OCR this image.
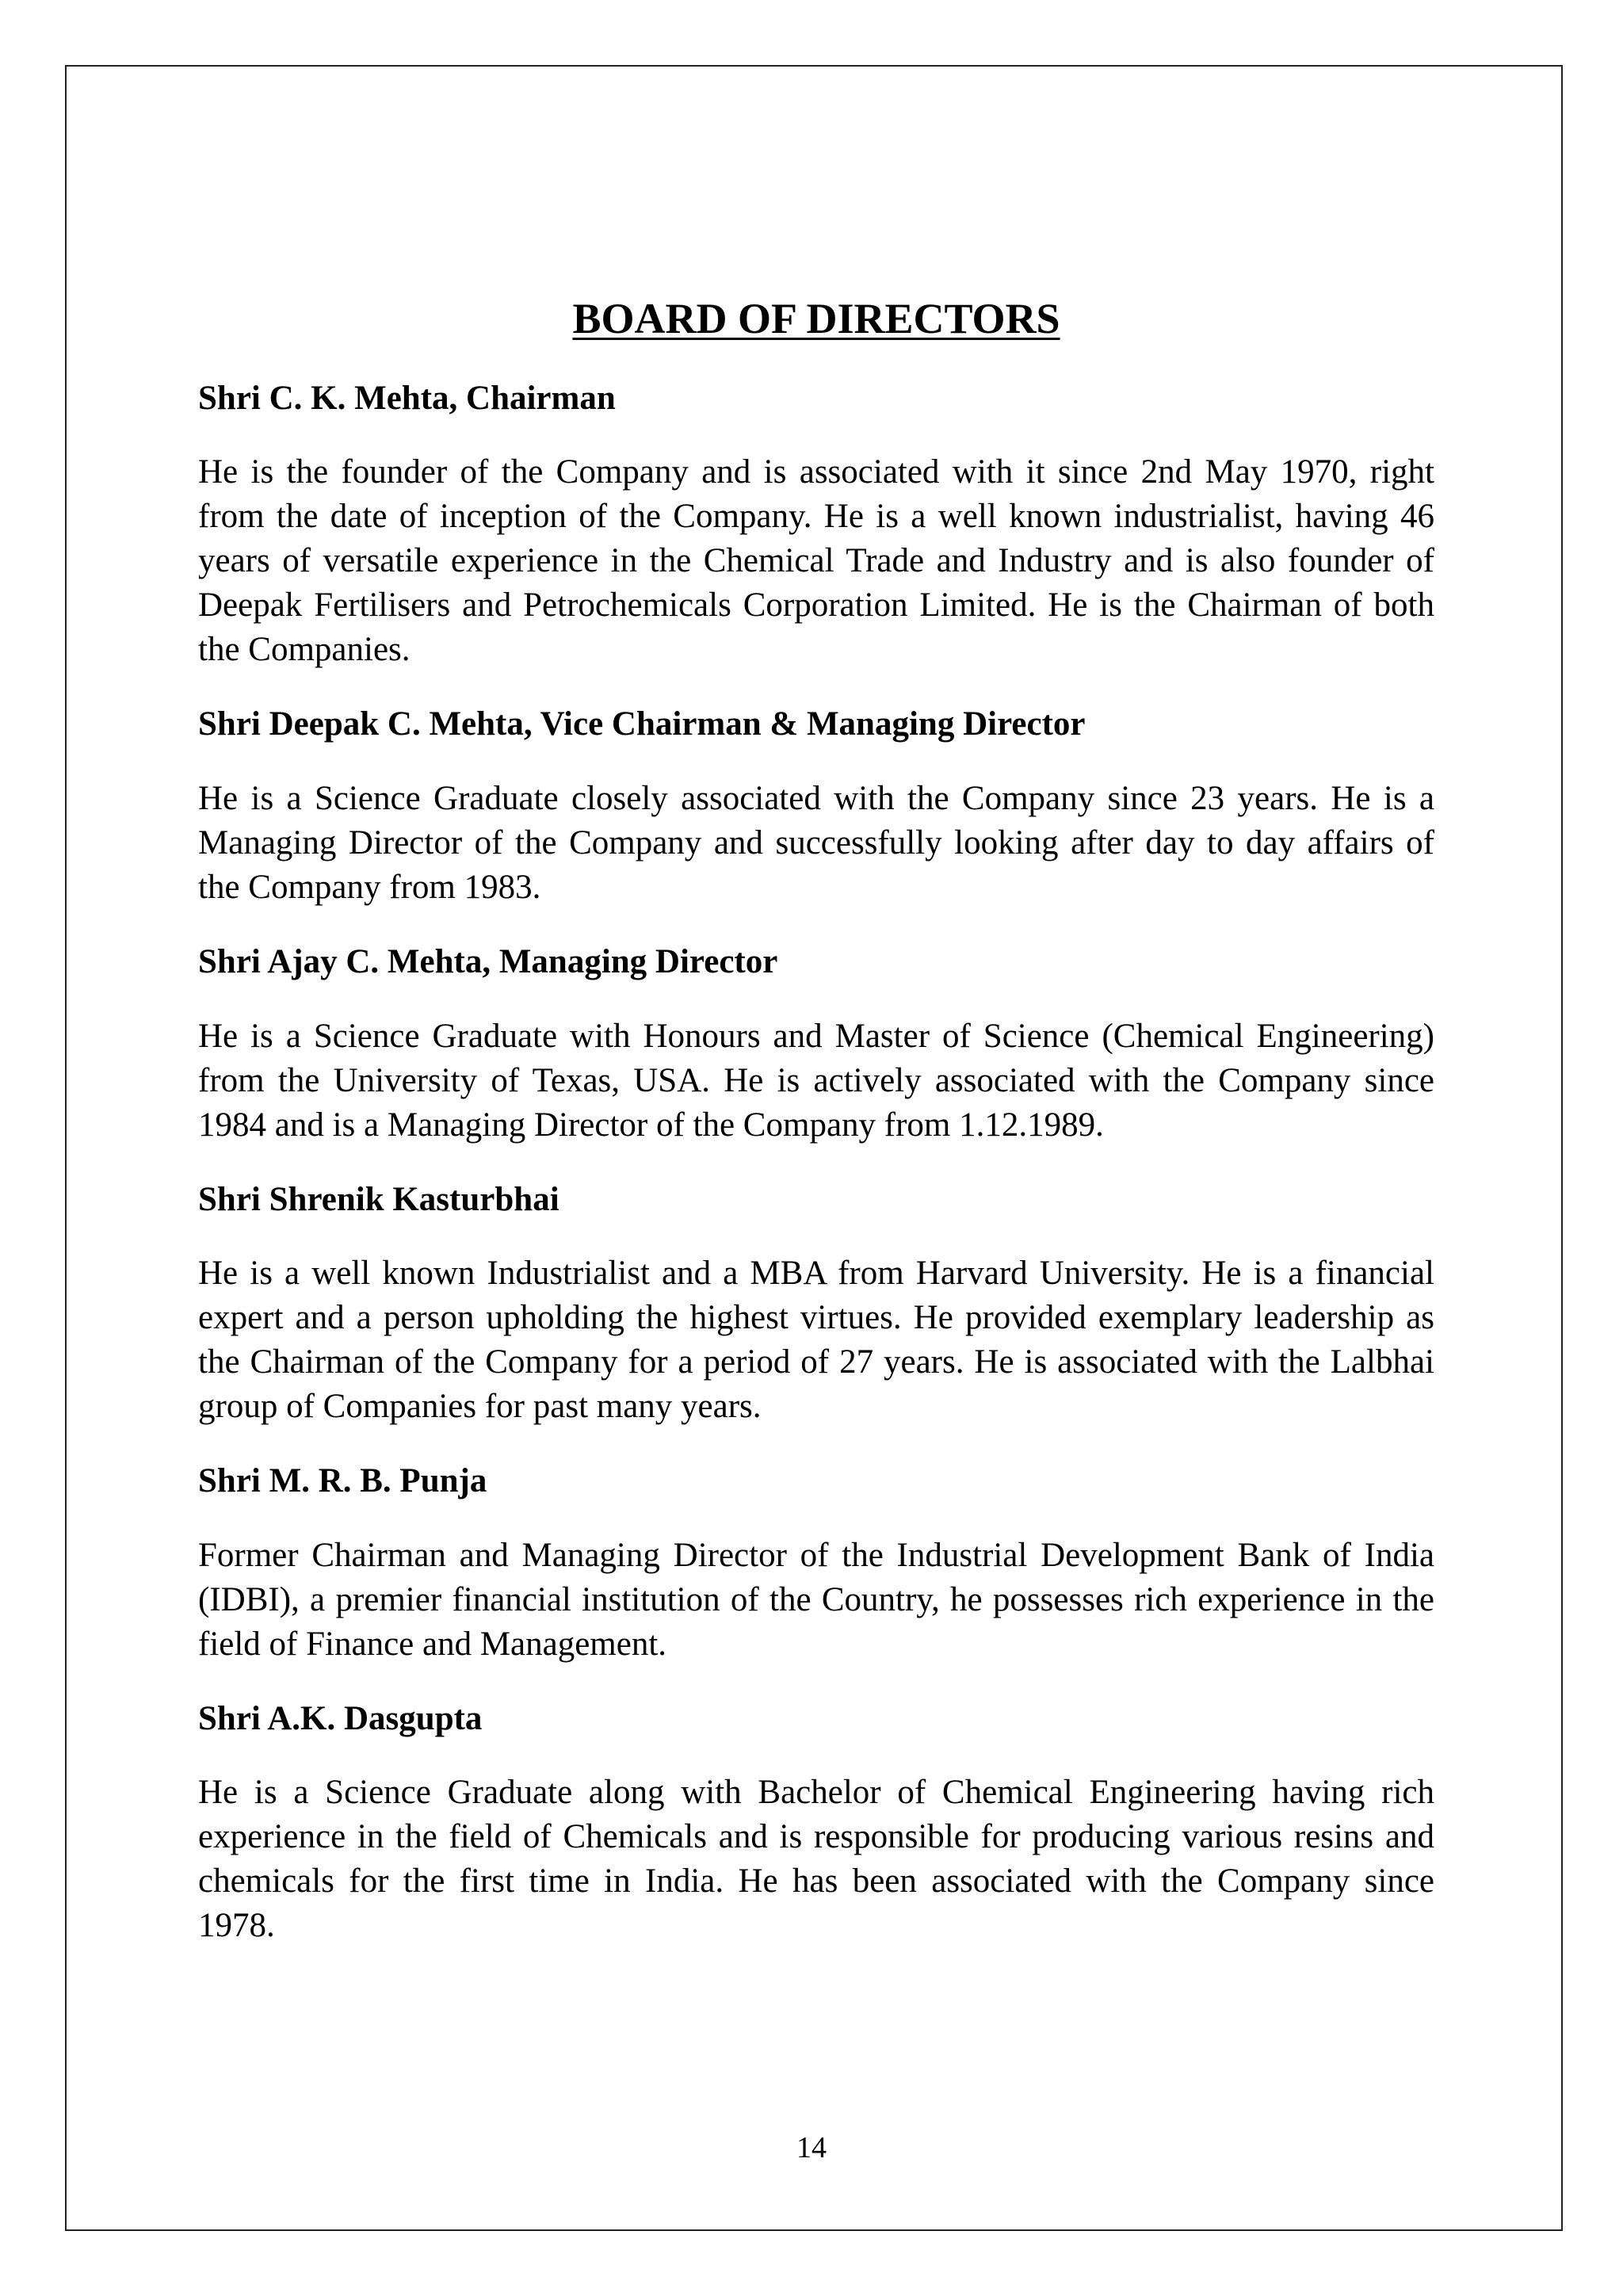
BOARD OF DIRECTORS
Shri C. K. Mehta, Chairman

He is the founder of the Company and is associated with it since 2nd May 1970, right from the date of inception of the Company. He is a well known industrialist, having 46 years of versatile experience in the Chemical Trade and Industry and is also founder of Deepak Fertilisers and Petrochemicals Corporation Limited. He is the Chairman of both the Companies.

Shri Deepak C. Mehta, Vice Chairman & Managing Director

He is a Science Graduate closely associated with the Company since 23 years. He is a Managing Director of the Company and successfully looking after day to day affairs of the Company from 1983.

Shri Ajay C. Mehta, Managing Director

He is a Science Graduate with Honours and Master of Science (Chemical Engineering) from the University of Texas, USA. He is actively associated with the Company since 1984 and is a Managing Director of the Company from 1.12.1989.

Shri Shrenik Kasturbhai

He is a well known Industrialist and a MBA from Harvard University. He is a financial expert and a person upholding the highest virtues. He provided exemplary leadership as the Chairman of the Company for a period of 27 years. He is associated with the Lalbhai group of Companies for past many years.

Shri M. R. B. Punja

Former Chairman and Managing Director of the Industrial Development Bank of India (IDBI), a premier financial institution of the Country, he possesses rich experience in the field of Finance and Management.

Shri A.K. Dasgupta

He is a Science Graduate along with Bachelor of Chemical Engineering having rich experience in the field of Chemicals and is responsible for producing various resins and chemicals for the first time in India. He has been associated with the Company since 1978.

14
